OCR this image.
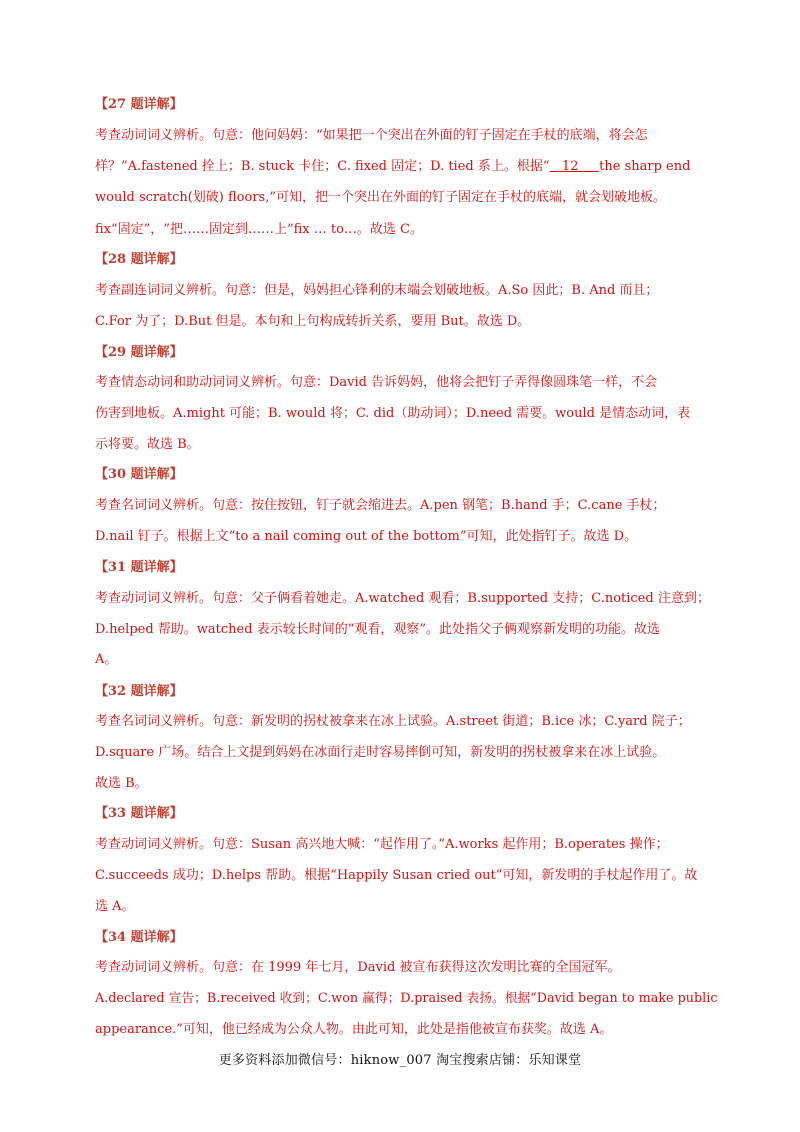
【27 题详解】
考查动词词义辨析。句意：他问妈妈：“如果把一个突出在外面的钉子固定在手杖的底端，将会怎
样？”A.fastened 拴上；B. stuck 卡住；C. fixed 固定；D. tied 系上。根据“ 12 the sharp end
would scratch(划破) floors,”可知，把一个突出在外面的钉子固定在手杖的底端，就会划破地板。
fix“固定”，“把……固定到……上”fix … to…。故选 C。
【28 题详解】
考查副连词词义辨析。句意：但是，妈妈担心锋利的末端会划破地板。A.So 因此；B. And 而且；
C.For 为了；D.But 但是。本句和上句构成转折关系，要用 But。故选 D。
【29 题详解】
考查情态动词和助动词词义辨析。句意：David 告诉妈妈，他将会把钉子弄得像圆珠笔一样，不会
伤害到地板。A.might 可能；B. would 将；C. did（助动词）；D.need 需要。would 是情态动词，表
示将要。故选 B。
【30 题详解】
考查名词词义辨析。句意：按住按钮，钉子就会缩进去。A.pen 钢笔；B.hand 手；C.cane 手杖；
D.nail 钉子。根据上文“to a nail coming out of the bottom”可知，此处指钉子。故选 D。
【31 题详解】
考查动词词义辨析。句意：父子俩看着她走。A.watched 观看；B.supported 支持；C.noticed 注意到；
D.helped 帮助。watched 表示较长时间的“观看，观察”。此处指父子俩观察新发明的功能。故选
A。
【32 题详解】
考查名词词义辨析。句意：新发明的拐杖被拿来在冰上试验。A.street 街道；B.ice 冰；C.yard 院子；
D.square 广场。结合上文提到妈妈在冰面行走时容易摔倒可知，新发明的拐杖被拿来在冰上试验。
故选 B。
【33 题详解】
考查动词词义辨析。句意：Susan 高兴地大喊：“起作用了。”A.works 起作用；B.operates 操作；
C.succeeds 成功；D.helps 帮助。根据“Happily Susan cried out”可知，新发明的手杖起作用了。故
选 A。
【34 题详解】
考查动词词义辨析。句意：在 1999 年七月，David 被宣布获得这次发明比赛的全国冠军。
A.declared 宣告；B.received 收到；C.won 赢得；D.praised 表扬。根据“David began to make public
appearance.”可知，他已经成为公众人物。由此可知，此处是指他被宣布获奖。故选 A。
更多资料添加微信号：hiknow_007 淘宝搜索店铺：乐知课堂
